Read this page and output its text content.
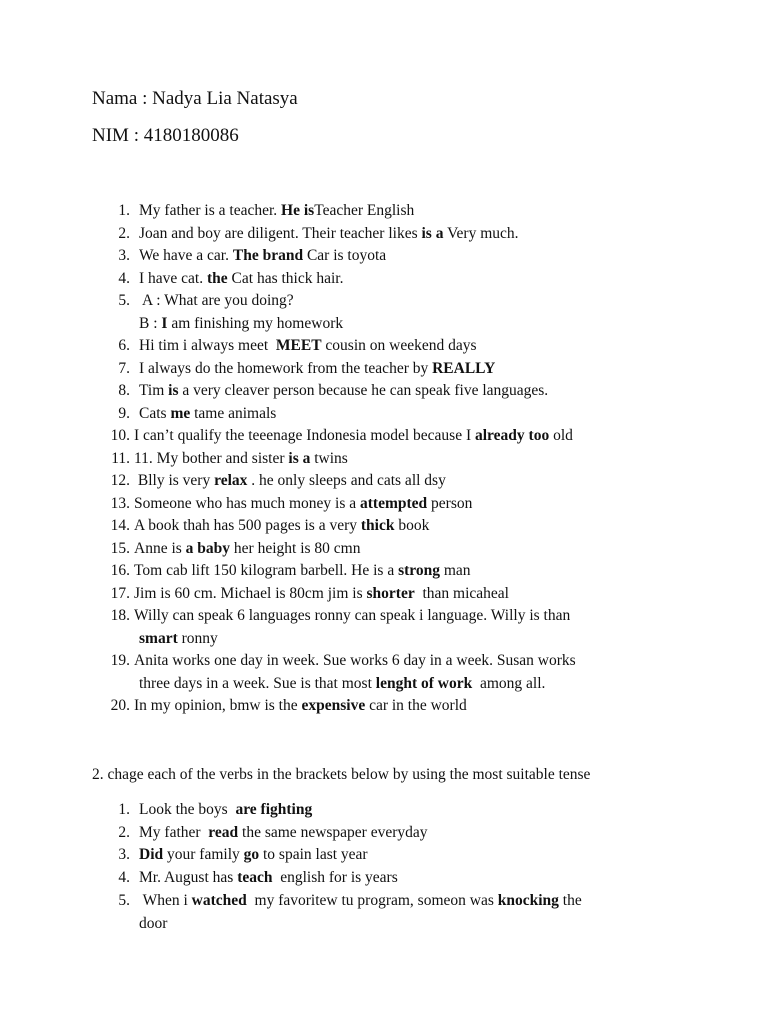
Nama : Nadya Lia Natasya
NIM : 4180180086
1. My father is a teacher. He isTeacher English
2. Joan and boy are diligent. Their teacher likes is a Very much.
3. We have a car. The brand Car is toyota
4. I have cat. the Cat has thick hair.
5. A : What are you doing?
B : I am finishing my homework
6. Hi tim i always meet  MEET cousin on weekend days
7. I always do the homework from the teacher by REALLY
8. Tim is a very cleaver person because he can speak five languages.
9. Cats me tame animals
10. I can’t qualify the teeenage Indonesia model because I already too old
11. 11. My bother and sister is a twins
12. Blly is very relax . he only sleeps and cats all dsy
13. Someone who has much money is a attempted person
14. A book thah has 500 pages is a very thick book
15. Anne is a baby her height is 80 cmn
16. Tom cab lift 150 kilogram barbell. He is a strong man
17. Jim is 60 cm. Michael is 80cm jim is shorter  than micaheal
18. Willy can speak 6 languages ronny can speak i language. Willy is than
smart ronny
19. Anita works one day in week. Sue works 6 day in a week. Susan works
three days in a week. Sue is that most lenght of work  among all.
20. In my opinion, bmw is the expensive car in the world
2. chage each of the verbs in the brackets below by using the most suitable tense
1. Look the boys  are fighting
2. My father  read the same newspaper everyday
3. Did your family go to spain last year
4. Mr. August has teach  english for is years
5. When i watched  my favoritew tu program, someon was knocking the
door
